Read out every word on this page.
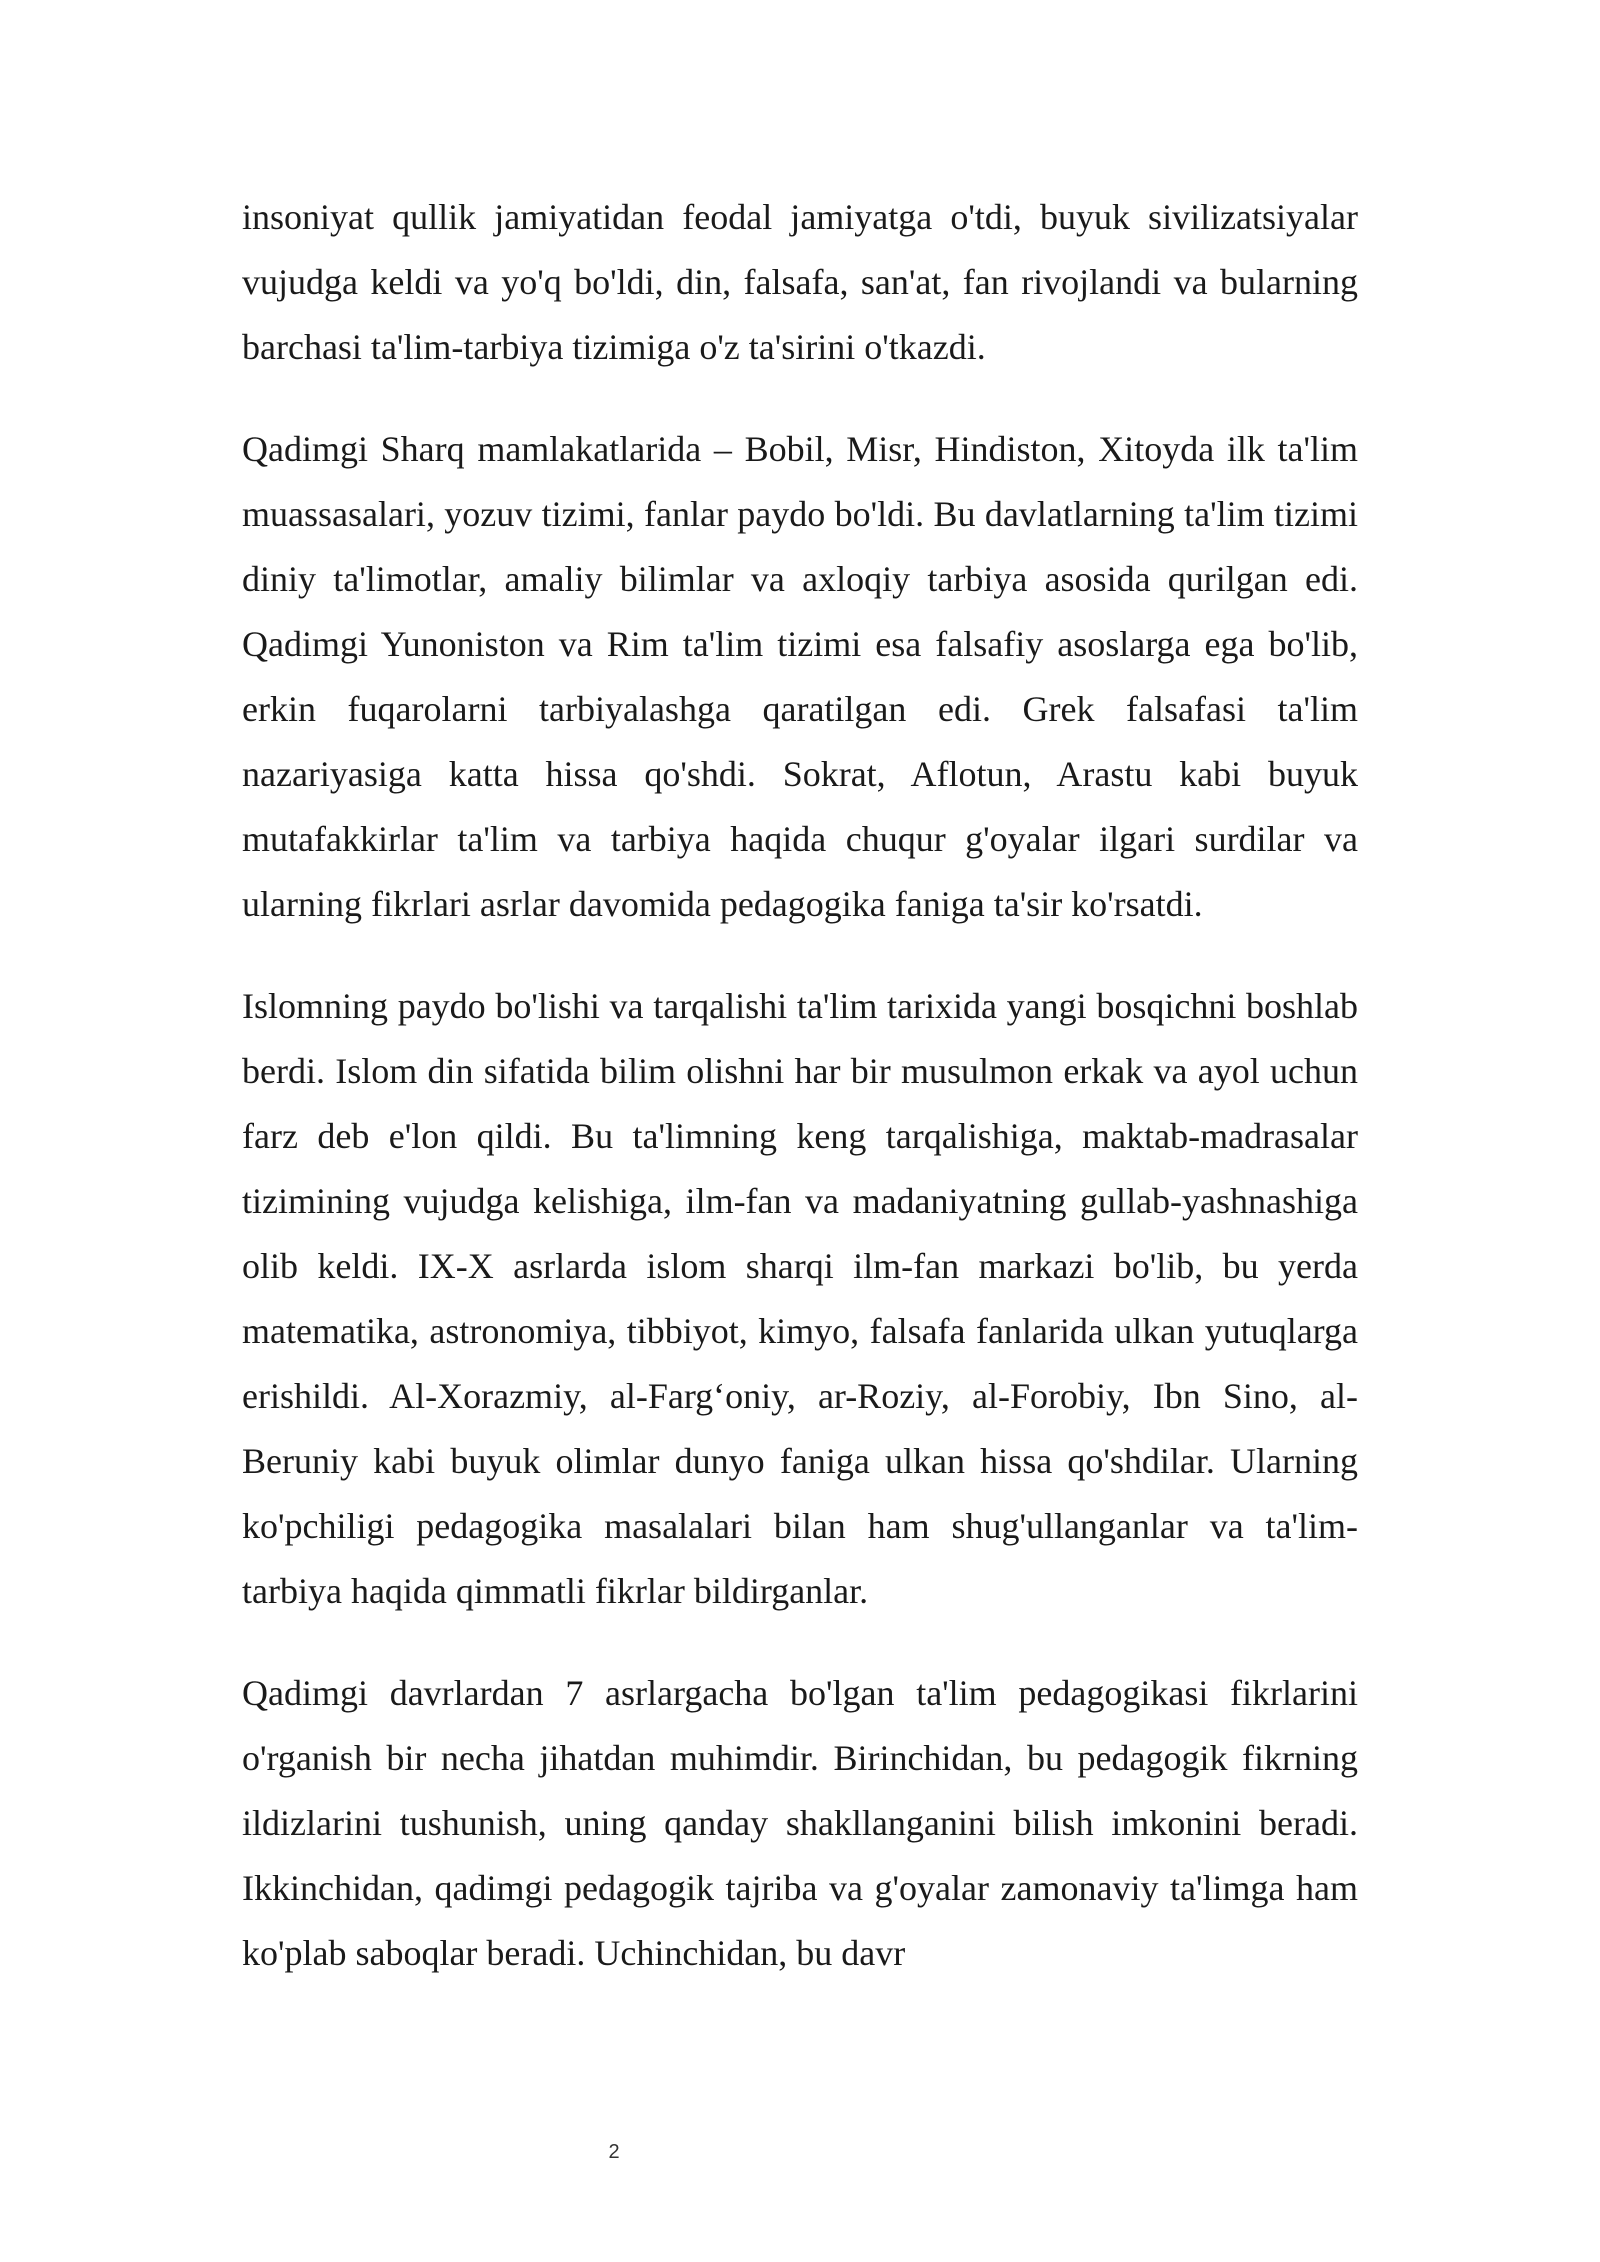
insoniyat qullik jamiyatidan feodal jamiyatga o'tdi, buyuk sivilizatsiyalar vujudga keldi va yo'q bo'ldi, din, falsafa, san'at, fan rivojlandi va bularning barchasi ta'lim-tarbiya tizimiga o'z ta'sirini o'tkazdi.

Qadimgi Sharq mamlakatlarida – Bobil, Misr, Hindiston, Xitoyda ilk ta'lim muassasalari, yozuv tizimi, fanlar paydo bo'ldi. Bu davlatlarning ta'lim tizimi diniy ta'limotlar, amaliy bilimlar va axloqiy tarbiya asosida qurilgan edi. Qadimgi Yunoniston va Rim ta'lim tizimi esa falsafiy asoslarga ega bo'lib, erkin fuqarolarni tarbiyalashga qaratilgan edi. Grek falsafasi ta'lim nazariyasiga katta hissa qo'shdi. Sokrat, Aflotun, Arastu kabi buyuk mutafakkirlar ta'lim va tarbiya haqida chuqur g'oyalar ilgari surdilar va ularning fikrlari asrlar davomida pedagogika faniga ta'sir ko'rsatdi.

Islomning paydo bo'lishi va tarqalishi ta'lim tarixida yangi bosqichni boshlab berdi. Islom din sifatida bilim olishni har bir musulmon erkak va ayol uchun farz deb e'lon qildi. Bu ta'limning keng tarqalishiga, maktab-madrasalar tizimining vujudga kelishiga, ilm-fan va madaniyatning gullab-yashnashiga olib keldi. IX-X asrlarda islom sharqi ilm-fan markazi bo'lib, bu yerda matematika, astronomiya, tibbiyot, kimyo, falsafa fanlarida ulkan yutuqlarga erishildi. Al-Xorazmiy, al-Farg‘oniy, ar-Roziy, al-Forobiy, Ibn Sino, al-Beruniy kabi buyuk olimlar dunyo faniga ulkan hissa qo'shdilar. Ularning ko'pchiligi pedagogika masalalari bilan ham shug'ullanganlar va ta'lim-tarbiya haqida qimmatli fikrlar bildirganlar.

Qadimgi davrlardan 7 asrlargacha bo'lgan ta'lim pedagogikasi fikrlarini o'rganish bir necha jihatdan muhimdir. Birinchidan, bu pedagogik fikrning ildizlarini tushunish, uning qanday shakllanganini bilish imkonini beradi. Ikkinchidan, qadimgi pedagogik tajriba va g'oyalar zamonaviy ta'limga ham ko'plab saboqlar beradi. Uchinchidan, bu davr

2
